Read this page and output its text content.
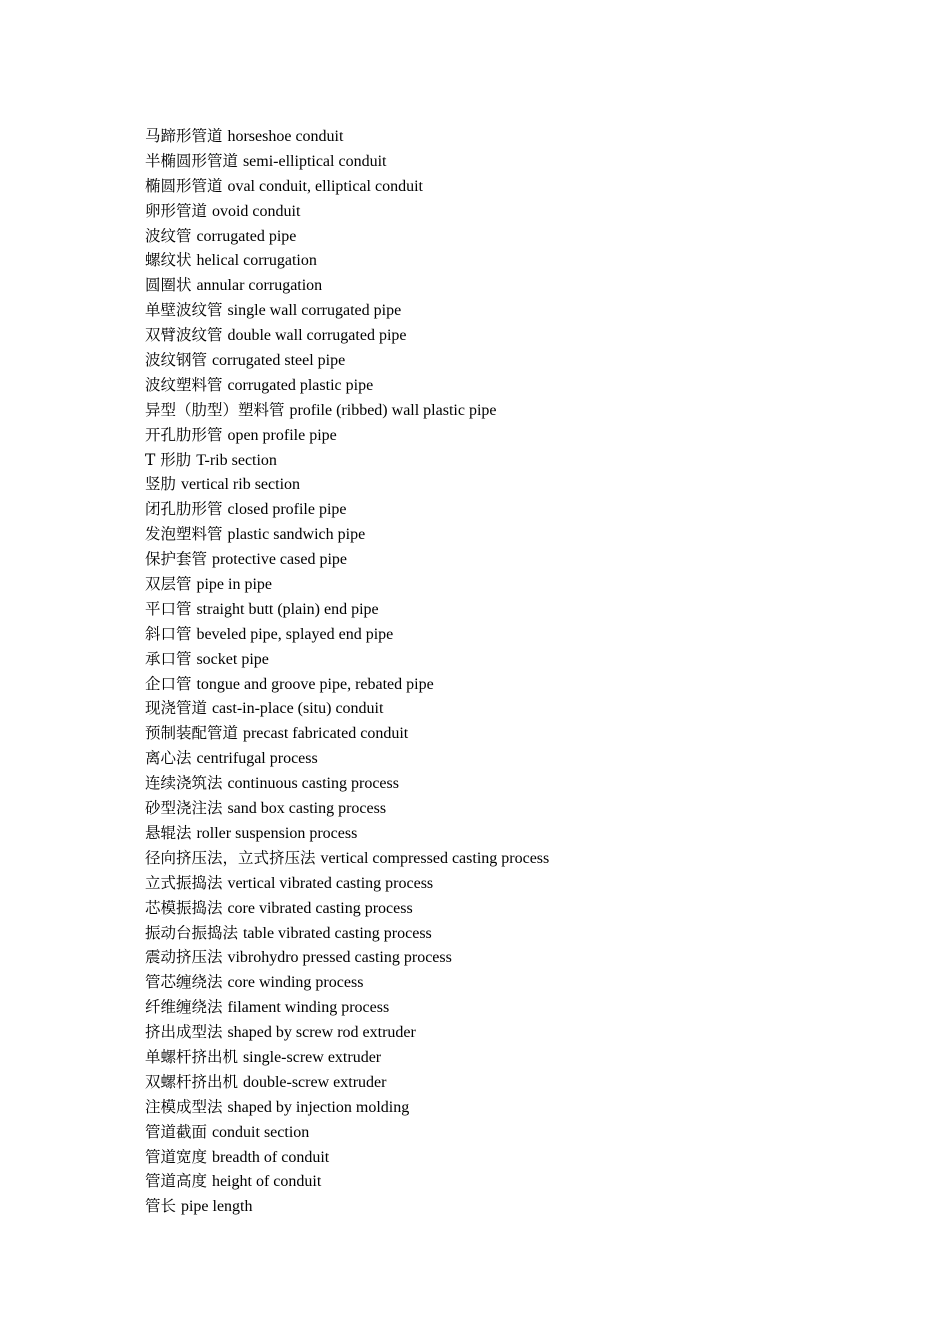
马蹄形管道 horseshoe conduit
半椭圆形管道 semi-elliptical conduit
椭圆形管道 oval conduit, elliptical conduit
卵形管道 ovoid conduit
波纹管 corrugated pipe
螺纹状 helical corrugation
圆圈状 annular corrugation
单壁波纹管 single wall corrugated pipe
双臂波纹管 double wall corrugated pipe
波纹钢管 corrugated steel pipe
波纹塑料管 corrugated plastic pipe
异型（肋型）塑料管 profile (ribbed) wall plastic pipe
开孔肋形管 open profile pipe
T 形肋 T-rib section
竖肋 vertical rib section
闭孔肋形管 closed profile pipe
发泡塑料管 plastic sandwich pipe
保护套管 protective cased pipe
双层管 pipe in pipe
平口管 straight butt (plain) end pipe
斜口管 beveled pipe, splayed end pipe
承口管 socket pipe
企口管 tongue and groove pipe, rebated pipe
现浇管道 cast-in-place (situ) conduit
预制装配管道 precast fabricated conduit
离心法 centrifugal process
连续浇筑法 continuous casting process
砂型浇注法 sand box casting process
悬辊法 roller suspension process
径向挤压法，立式挤压法 vertical compressed casting process
立式振捣法 vertical vibrated casting process
芯模振捣法 core vibrated casting process
振动台振捣法 table vibrated casting process
震动挤压法 vibrohydro pressed casting process
管芯缠绕法 core winding process
纤维缠绕法 filament winding process
挤出成型法 shaped by screw rod extruder
单螺杆挤出机 single-screw extruder
双螺杆挤出机 double-screw extruder
注模成型法 shaped by injection molding
管道截面 conduit section
管道宽度 breadth of conduit
管道高度 height of conduit
管长 pipe length
